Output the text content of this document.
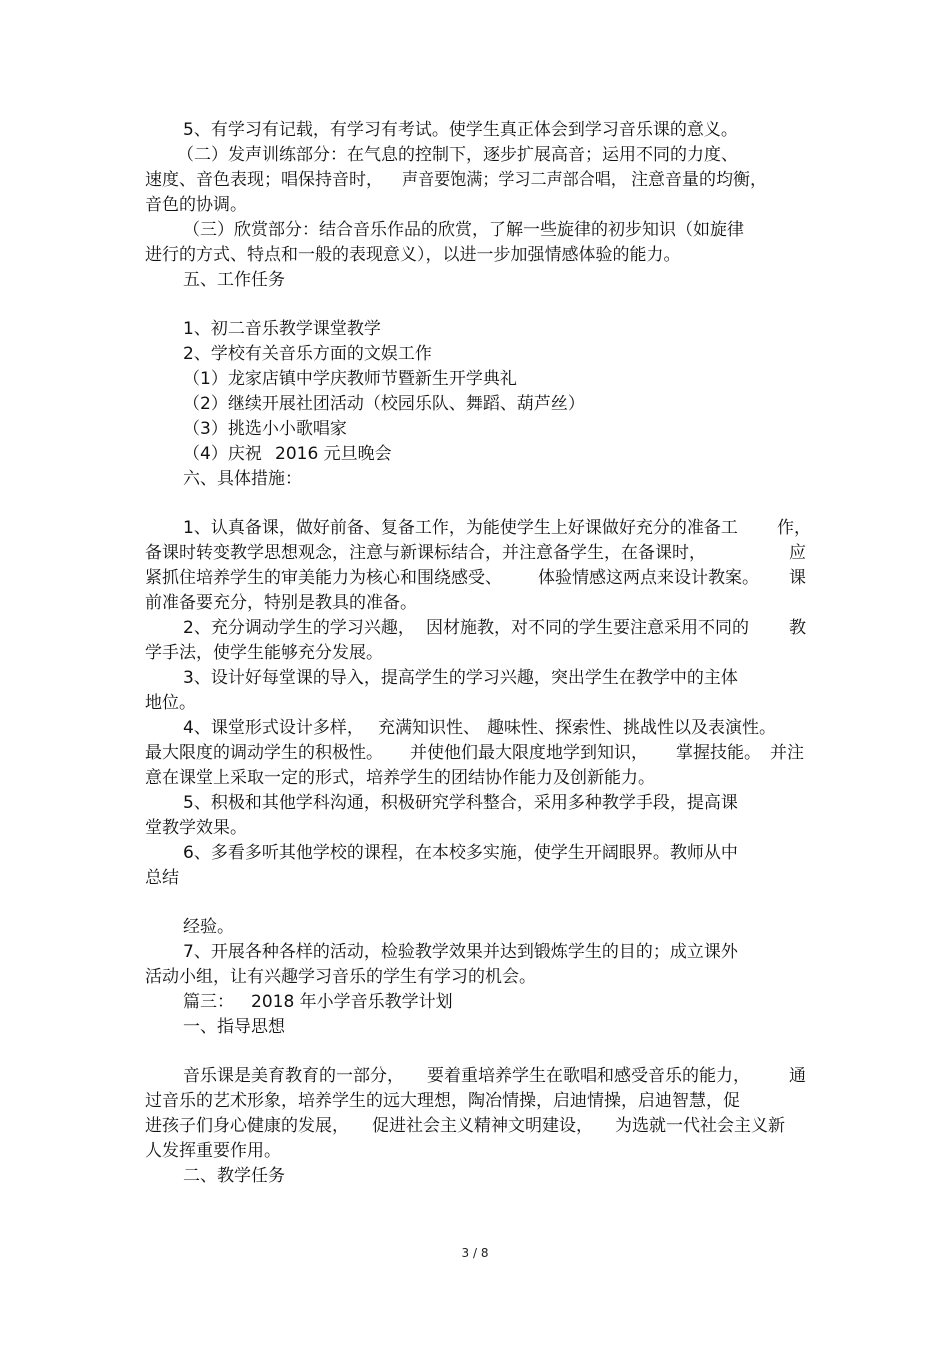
5、有学习有记载，有学习有考试。使学生真正体会到学习音乐课的意义。
（二）发声训练部分：在气息的控制下，逐步扩展高音；运用不同的力度、
速度、音色表现；唱保持音时， 声音要饱满；学习二声部合唱， 注意音量的均衡，
音色的协调。
（三）欣赏部分：结合音乐作品的欣赏，了解一些旋律的初步知识（如旋律
进行的方式、特点和一般的表现意义），以进一步加强情感体验的能力。
五、工作任务
1、初二音乐教学课堂教学
2、学校有关音乐方面的文娱工作
（1）龙家店镇中学庆教师节暨新生开学典礼
（2）继续开展社团活动（校园乐队、舞蹈、葫芦丝）
（3）挑选小小歌唱家
（4）庆祝 2016 元旦晚会
六、具体措施：
1、认真备课，做好前备、复备工作，为能使学生上好课做好充分的准备工 作，
备课时转变教学思想观念，注意与新课标结合，并注意备学生，在备课时，	应
紧抓住培养学生的审美能力为核心和围绕感受、 体验情感这两点来设计教案。 课
前准备要充分，特别是教具的准备。
2、充分调动学生的学习兴趣， 因材施教，对不同的学生要注意采用不同的 教
学手法，使学生能够充分发展。
3、设计好每堂课的导入，提高学生的学习兴趣，突出学生在教学中的主体
地位。
4、课堂形式设计多样， 充满知识性、 趣味性、探索性、挑战性以及表演性。
最大限度的调动学生的积极性。 并使他们最大限度地学到知识， 掌握技能。 并注
意在课堂上采取一定的形式，培养学生的团结协作能力及创新能力。
5、积极和其他学科沟通，积极研究学科整合，采用多种教学手段，提高课
堂教学效果。
6、多看多听其他学校的课程，在本校多实施，使学生开阔眼界。教师从中
总结
经验。
7、开展各种各样的活动，检验教学效果并达到锻炼学生的目的；成立课外
活动小组，让有兴趣学习音乐的学生有学习的机会。
篇三： 2018 年小学音乐教学计划
一、指导思想
音乐课是美育教育的一部分， 要着重培养学生在歌唱和感受音乐的能力， 通
过音乐的艺术形象，培养学生的远大理想，陶冶情操，启迪情操，启迪智慧，促
进孩子们身心健康的发展， 促进社会主义精神文明建设， 为选就一代社会主义新
人发挥重要作用。
二、教学任务
3 / 8
